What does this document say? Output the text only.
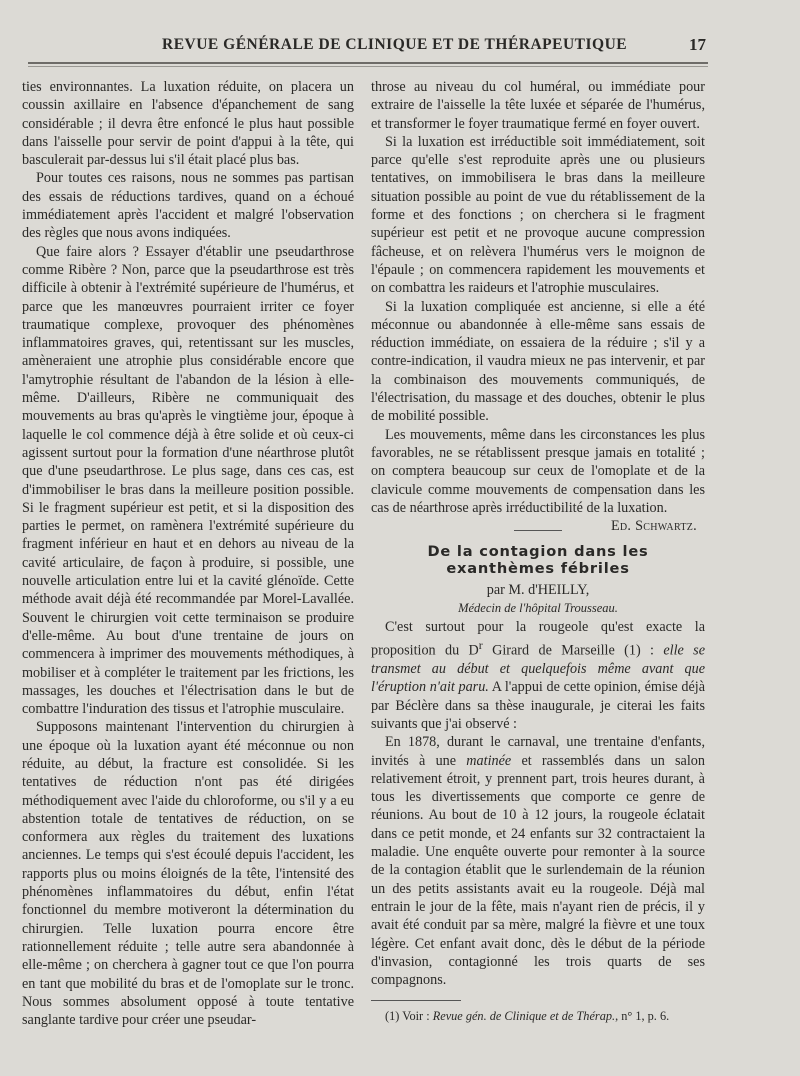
REVUE GÉNÉRALE DE CLINIQUE ET DE THÉRAPEUTIQUE	17

ties environnantes. La luxation réduite, on placera un coussin axillaire en l'absence d'épanchement de sang considérable ; il devra être enfoncé le plus haut possible dans l'aisselle pour servir de point d'appui à la tête, qui basculerait par-dessus lui s'il était placé plus bas.

Pour toutes ces raisons, nous ne sommes pas partisan des essais de réductions tardives, quand on a échoué immédiatement après l'accident et malgré l'observation des règles que nous avons indiquées.

Que faire alors ? Essayer d'établir une pseudarthrose comme Ribère ? Non, parce que la pseudarthrose est très difficile à obtenir à l'extrémité supérieure de l'humérus, et parce que les manœuvres pourraient irriter ce foyer traumatique complexe, provoquer des phénomènes inflammatoires graves, qui, retentissant sur les muscles, amèneraient une atrophie plus considérable encore que l'amytrophie résultant de l'abandon de la lésion à elle-même. D'ailleurs, Ribère ne communiquait des mouvements au bras qu'après le vingtième jour, époque à laquelle le col commence déjà à être solide et où ceux-ci agissent surtout pour la formation d'une néarthrose plutôt que d'une pseudarthrose. Le plus sage, dans ces cas, est d'immobiliser le bras dans la meilleure position possible. Si le fragment supérieur est petit, et si la disposition des parties le permet, on ramènera l'extrémité supérieure du fragment inférieur en haut et en dehors au niveau de la cavité articulaire, de façon à produire, si possible, une nouvelle articulation entre lui et la cavité glénoïde. Cette méthode avait déjà été recommandée par Morel-Lavallée. Souvent le chirurgien voit cette terminaison se produire d'elle-même. Au bout d'une trentaine de jours on commencera à imprimer des mouvements méthodiques, à mobiliser et à compléter le traitement par les frictions, les massages, les douches et l'électrisation dans le but de combattre l'induration des tissus et l'atrophie musculaire.

Supposons maintenant l'intervention du chirurgien à une époque où la luxation ayant été méconnue ou non réduite, au début, la fracture est consolidée. Si les tentatives de réduction n'ont pas été dirigées méthodiquement avec l'aide du chloroforme, ou s'il y a eu abstention totale de tentatives de réduction, on se conformera aux règles du traitement des luxations anciennes. Le temps qui s'est écoulé depuis l'accident, les rapports plus ou moins éloignés de la tête, l'intensité des phénomènes inflammatoires du début, enfin l'état fonctionnel du membre motiveront la détermination du chirurgien. Telle luxation pourra encore être rationnellement réduite ; telle autre sera abandonnée à elle-même ; on cherchera à gagner tout ce que l'on pourra en tant que mobilité du bras et de l'omoplate sur le tronc. Nous sommes absolument opposé à toute tentative sanglante tardive pour créer une pseudar-

throse au niveau du col huméral, ou immédiate pour extraire de l'aisselle la tête luxée et séparée de l'humérus, et transformer le foyer traumatique fermé en foyer ouvert.

Si la luxation est irréductible soit immédiatement, soit parce qu'elle s'est reproduite après une ou plusieurs tentatives, on immobilisera le bras dans la meilleure situation possible au point de vue du rétablissement de la forme et des fonctions ; on cherchera si le fragment supérieur est petit et ne provoque aucune compression fâcheuse, et on relèvera l'humérus vers le moignon de l'épaule ; on commencera rapidement les mouvements et on combattra les raideurs et l'atrophie musculaires.

Si la luxation compliquée est ancienne, si elle a été méconnue ou abandonnée à elle-même sans essais de réduction immédiate, on essaiera de la réduire ; s'il y a contre-indication, il vaudra mieux ne pas intervenir, et par la combinaison des mouvements communiqués, de l'électrisation, du massage et des douches, obtenir le plus de mobilité possible.

Les mouvements, même dans les circonstances les plus favorables, ne se rétablissent presque jamais en totalité ; on comptera beaucoup sur ceux de l'omoplate et de la clavicule comme mouvements de compensation dans les cas de néarthrose après irréductibilité de la luxation.
Ed. Schwartz.

De la contagion dans les exanthèmes fébriles

par M. d'HEILLY,

Médecin de l'hôpital Trousseau.

C'est surtout pour la rougeole qu'est exacte la proposition du $D^r$ Girard de Marseille (1) : elle se transmet au début et quelquefois même avant que l'éruption n'ait paru. A l'appui de cette opinion, émise déjà par Béclère dans sa thèse inaugurale, je citerai les faits suivants que j'ai observé :

En 1878, durant le carnaval, une trentaine d'enfants, invités à une matinée et rassemblés dans un salon relativement étroit, y prennent part, trois heures durant, à tous les divertissements que comporte ce genre de réunions. Au bout de 10 à 12 jours, la rougeole éclatait dans ce petit monde, et 24 enfants sur 32 contractaient la maladie. Une enquête ouverte pour remonter à la source de la contagion établit que le surlendemain de la réunion un des petits assistants avait eu la rougeole. Déjà mal entrain le jour de la fête, mais n'ayant rien de précis, il y avait été conduit par sa mère, malgré la fièvre et une toux légère. Cet enfant avait donc, dès le début de la période d'invasion, contagionné les trois quarts de ses compagnons.

(1) Voir : Revue gén. de Clinique et de Thérap., n° 1, p. 6.
